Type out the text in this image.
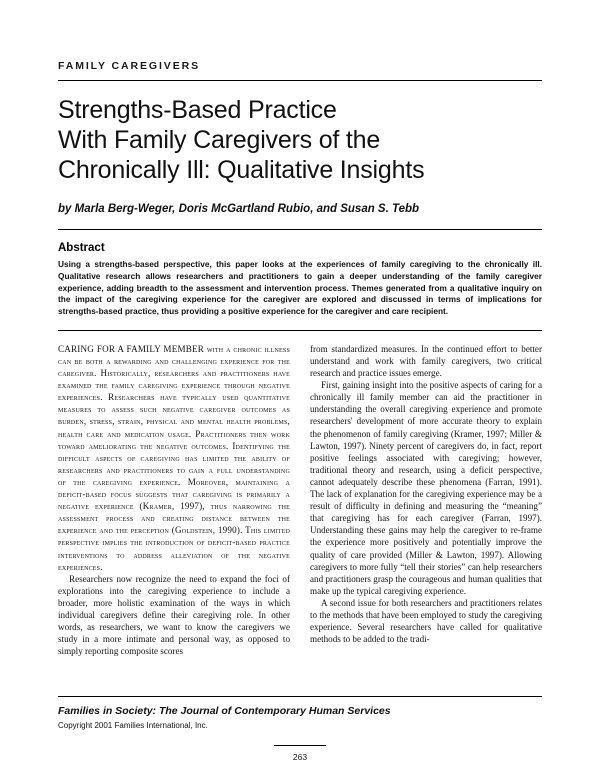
FAMILY CAREGIVERS
Strengths-Based Practice
With Family Caregivers of the
Chronically Ill: Qualitative Insights
by Marla Berg-Weger, Doris McGartland Rubio, and Susan S. Tebb
Abstract

Using a strengths-based perspective, this paper looks at the experiences of family caregiving to the chronically ill. Qualitative research allows researchers and practitioners to gain a deeper understanding of the family caregiver experience, adding breadth to the assessment and intervention process. Themes generated from a qualitative inquiry on the impact of the caregiving experience for the caregiver are explored and discussed in terms of implications for strengths-based practice, thus providing a positive experience for the caregiver and care recipient.

CARING FOR A FAMILY MEMBER with a chronic illness can be both a rewarding and challenging experience for the caregiver. Historically, researchers and practitioners have examined the family caregiving experience through negative experiences. Researchers have typically used quantitative measures to assess such negative caregiver outcomes as burden, stress, strain, physical and mental health problems, health care and medication usage. Practitioners then work toward ameliorating the negative outcomes. Identifying the difficult aspects of caregiving has limited the ability of researchers and practitioners to gain a full understanding of the caregiving experience. Moreover, maintaining a deficit-based focus suggests that caregiving is primarily a negative experience (Kramer, 1997), thus narrowing the assessment process and creating distance between the experience and the perception (Goldstein, 1990). This limited perspective implies the introduction of deficit-based practice interventions to address alleviation of the negative experiences.

Researchers now recognize the need to expand the foci of explorations into the caregiving experience to include a broader, more holistic examination of the ways in which individual caregivers define their caregiving role. In other words, as researchers, we want to know the caregivers we study in a more intimate and personal way, as opposed to simply reporting composite scores

from standardized measures. In the continued effort to better understand and work with family caregivers, two critical research and practice issues emerge.

First, gaining insight into the positive aspects of caring for a chronically ill family member can aid the practitioner in understanding the overall caregiving experience and promote researchers' development of more accurate theory to explain the phenomenon of family caregiving (Kramer, 1997; Miller & Lawton, 1997). Ninety percent of caregivers do, in fact, report positive feelings associated with caregiving; however, traditional theory and research, using a deficit perspective, cannot adequately describe these phenomena (Farran, 1991). The lack of explanation for the caregiving experience may be a result of difficulty in defining and measuring the “meaning” that caregiving has for each caregiver (Farran, 1997). Understanding these gains may help the caregiver to re-frame the experience more positively and potentially improve the quality of care provided (Miller & Lawton, 1997). Allowing caregivers to more fully “tell their stories” can help researchers and practitioners grasp the courageous and human qualities that make up the typical caregiving experience.

A second issue for both researchers and practitioners relates to the methods that have been employed to study the caregiving experience. Several researchers have called for qualitative methods to be added to the tradi-

Families in Society: The Journal of Contemporary Human Services
Copyright 2001 Families International, Inc.
263
